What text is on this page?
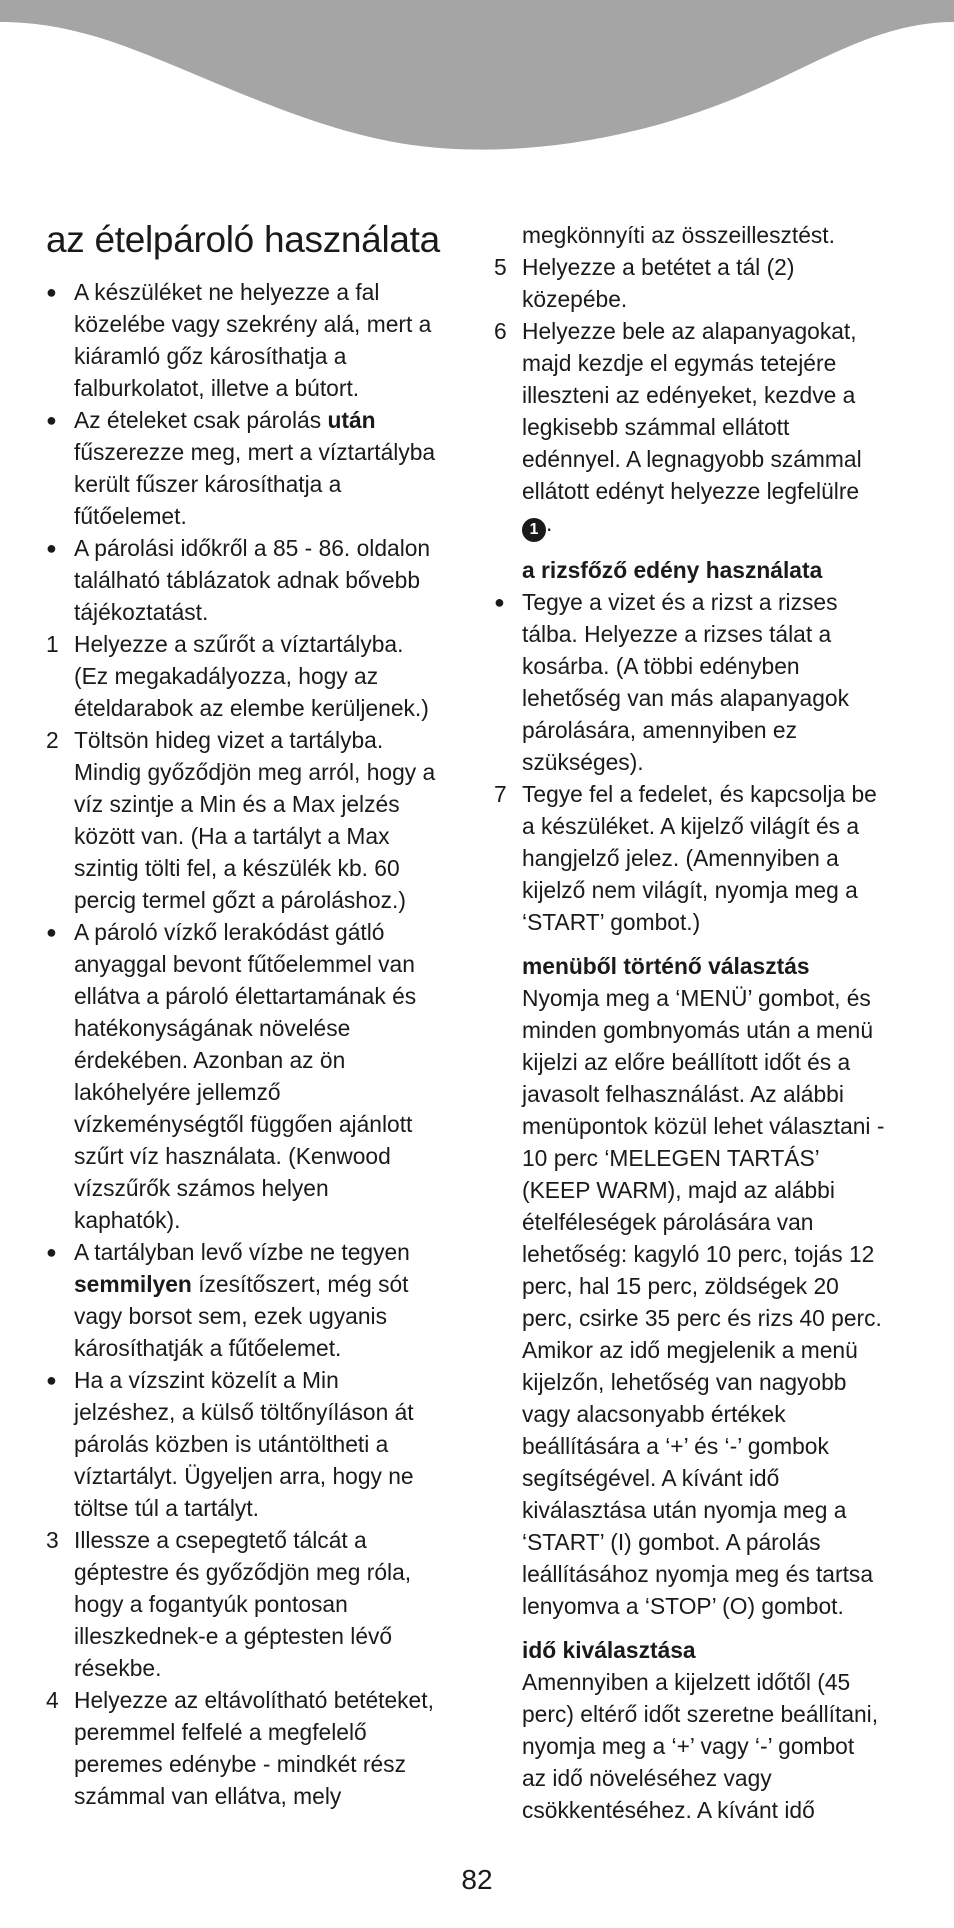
az ételpároló használata
● A készüléket ne helyezze a fal
közelébe vagy szekrény alá, mert a
kiáramló gőz károsíthatja a
falburkolatot, illetve a bútort.
● Az ételeket csak párolás után
fűszerezze meg, mert a víztartályba
került fűszer károsíthatja a
fűtőelemet.
● A párolási időkről a 85 - 86. oldalon
található táblázatok adnak bővebb
tájékoztatást.
1 Helyezze a szűrőt a víztartályba.
(Ez megakadályozza, hogy az
ételdarabok az elembe kerüljenek.)
2 Töltsön hideg vizet a tartályba.
Mindig győződjön meg arról, hogy a
víz szintje a Min és a Max jelzés
között van. (Ha a tartályt a Max
szintig tölti fel, a készülék kb. 60
percig termel gőzt a pároláshoz.)
● A pároló vízkő lerakódást gátló
anyaggal bevont fűtőelemmel van
ellátva a pároló élettartamának és
hatékonyságának növelése
érdekében. Azonban az ön
lakóhelyére jellemző
vízkeménységtől függően ajánlott
szűrt víz használata. (Kenwood
vízszűrők számos helyen
kaphatók).
● A tartályban levő vízbe ne tegyen
semmilyen ízesítőszert, még sót
vagy borsot sem, ezek ugyanis
károsíthatják a fűtőelemet.
● Ha a vízszint közelít a Min
jelzéshez, a külső töltőnyíláson át
párolás közben is utántöltheti a
víztartályt. Ügyeljen arra, hogy ne
töltse túl a tartályt.
3 Illessze a csepegtető tálcát a
géptestre és győződjön meg róla,
hogy a fogantyúk pontosan
illeszkednek-e a géptesten lévő
résekbe.
4 Helyezze az eltávolítható betéteket,
peremmel felfelé a megfelelő
peremes edénybe - mindkét rész
számmal van ellátva, mely
megkönnyíti az összeillesztést.
5 Helyezze a betétet a tál (2)
közepébe.
6 Helyezze bele az alapanyagokat,
majd kezdje el egymás tetejére
illeszteni az edényeket, kezdve a
legkisebb számmal ellátott
edénnyel. A legnagyobb számmal
ellátott edényt helyezze legfelülre
1 .
a rizsfőző edény használata
● Tegye a vizet és a rizst a rizses
tálba. Helyezze a rizses tálat a
kosárba. (A többi edényben
lehetőség van más alapanyagok
párolására, amennyiben ez
szükséges).
7 Tegye fel a fedelet, és kapcsolja be
a készüléket. A kijelző világít és a
hangjelző jelez. (Amennyiben a
kijelző nem világít, nyomja meg a
‘START’ gombot.)
menüből történő választás
Nyomja meg a ‘MENÜ’ gombot, és
minden gombnyomás után a menü
kijelzi az előre beállított időt és a
javasolt felhasználást. Az alábbi
menüpontok közül lehet választani -
10 perc ‘MELEGEN TARTÁS’
(KEEP WARM), majd az alábbi
ételféleségek párolására van
lehetőség: kagyló 10 perc, tojás 12
perc, hal 15 perc, zöldségek 20
perc, csirke 35 perc és rizs 40 perc.
Amikor az idő megjelenik a menü
kijelzőn, lehetőség van nagyobb
vagy alacsonyabb értékek
beállítására a ‘+’ és ‘-’ gombok
segítségével. A kívánt idő
kiválasztása után nyomja meg a
‘START’ (I) gombot. A párolás
leállításához nyomja meg és tartsa
lenyomva a ‘STOP’ (O) gombot.
idő kiválasztása
Amennyiben a kijelzett időtől (45
perc) eltérő időt szeretne beállítani,
nyomja meg a ‘+’ vagy ‘-’ gombot
az idő növeléséhez vagy
csökkentéséhez. A kívánt idő
82
